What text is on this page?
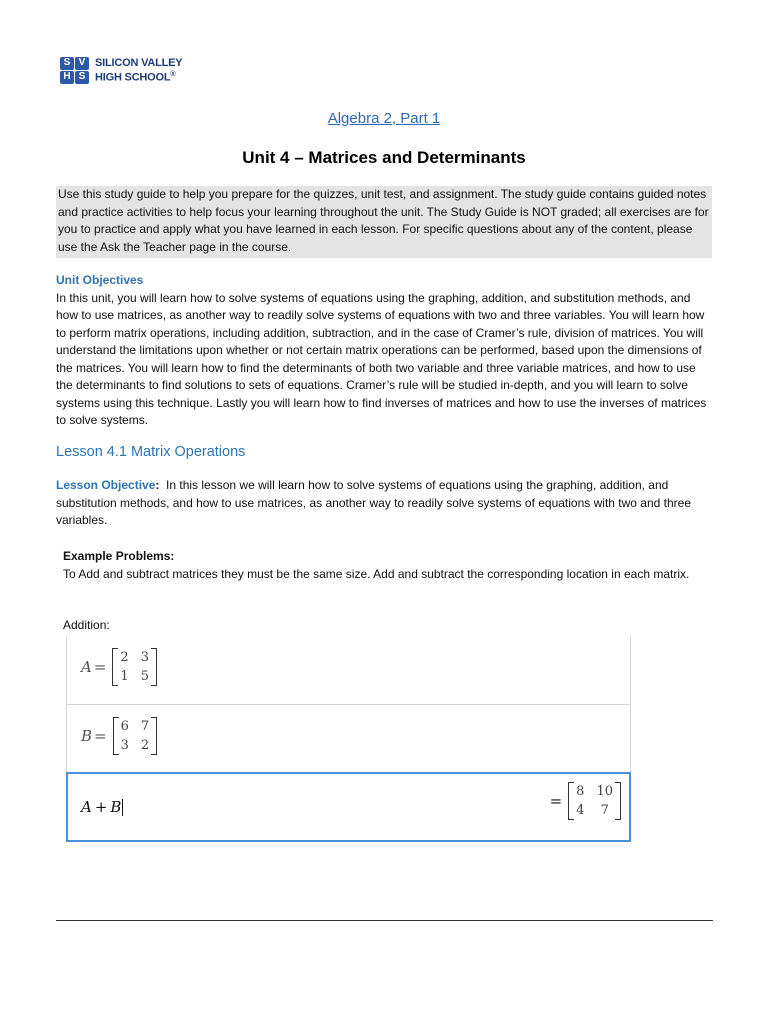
S V
H S
SILICON VALLEY
HIGH SCHOOL®
Algebra 2, Part 1
Unit 4 – Matrices and Determinants
Use this study guide to help you prepare for the quizzes, unit test, and assignment. The study guide contains guided notes and practice activities to help focus your learning throughout the unit. The Study Guide is NOT graded; all exercises are for you to practice and apply what you have learned in each lesson. For specific questions about any of the content, please use the Ask the Teacher page in the course.
Unit Objectives
In this unit, you will learn how to solve systems of equations using the graphing, addition, and substitution methods, and how to use matrices, as another way to readily solve systems of equations with two and three variables. You will learn how to perform matrix operations, including addition, subtraction, and in the case of Cramer’s rule, division of matrices. You will understand the limitations upon whether or not certain matrix operations can be performed, based upon the dimensions of the matrices. You will learn how to find the determinants of both two variable and three variable matrices, and how to use the determinants to find solutions to sets of equations. Cramer’s rule will be studied in-depth, and you will learn to solve systems using this technique. Lastly you will learn how to find inverses of matrices and how to use the inverses of matrices to solve systems.
Lesson 4.1 Matrix Operations
Lesson Objective:  In this lesson we will learn how to solve systems of equations using the graphing, addition, and substitution methods, and how to use matrices, as another way to readily solve systems of equations with two and three variables.
Example Problems:
To Add and subtract matrices they must be the same size. Add and subtract the corresponding location in each matrix.
Addition:
A =
2 3
1 5
B =
6 7
3 2
A + B	=
8 10
4	7
